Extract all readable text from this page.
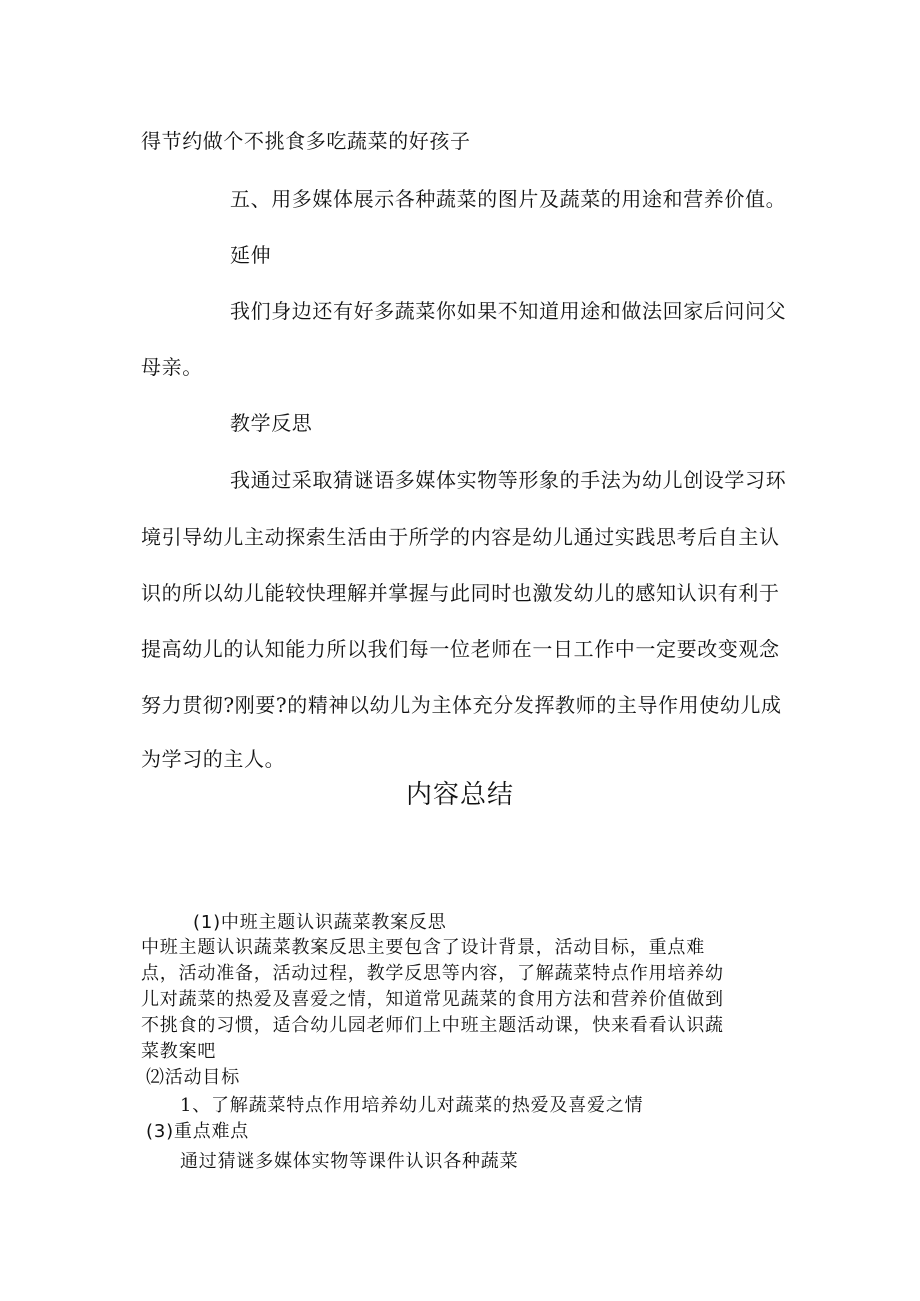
得节约做个不挑食多吃蔬菜的好孩子
五、用多媒体展示各种蔬菜的图片及蔬菜的用途和营养价值。
延伸
我们身边还有好多蔬菜你如果不知道用途和做法回家后问问父
母亲。
教学反思
我通过采取猜谜语多媒体实物等形象的手法为幼儿创设学习环
境引导幼儿主动探索生活由于所学的内容是幼儿通过实践思考后自主认
识的所以幼儿能较快理解并掌握与此同时也激发幼儿的感知认识有利于
提高幼儿的认知能力所以我们每一位老师在一日工作中一定要改变观念
努力贯彻?刚要?的精神以幼儿为主体充分发挥教师的主导作用使幼儿成
为学习的主人。
内容总结
(1)中班主题认识蔬菜教案反思
中班主题认识蔬菜教案反思主要包含了设计背景，活动目标，重点难
点，活动准备，活动过程，教学反思等内容，了解蔬菜特点作用培养幼
儿对蔬菜的热爱及喜爱之情，知道常见蔬菜的食用方法和营养价值做到
不挑食的习惯，适合幼儿园老师们上中班主题活动课，快来看看认识蔬
菜教案吧
⑵活动目标
1、了解蔬菜特点作用培养幼儿对蔬菜的热爱及喜爱之情
(3)重点难点
通过猜谜多媒体实物等课件认识各种蔬菜
